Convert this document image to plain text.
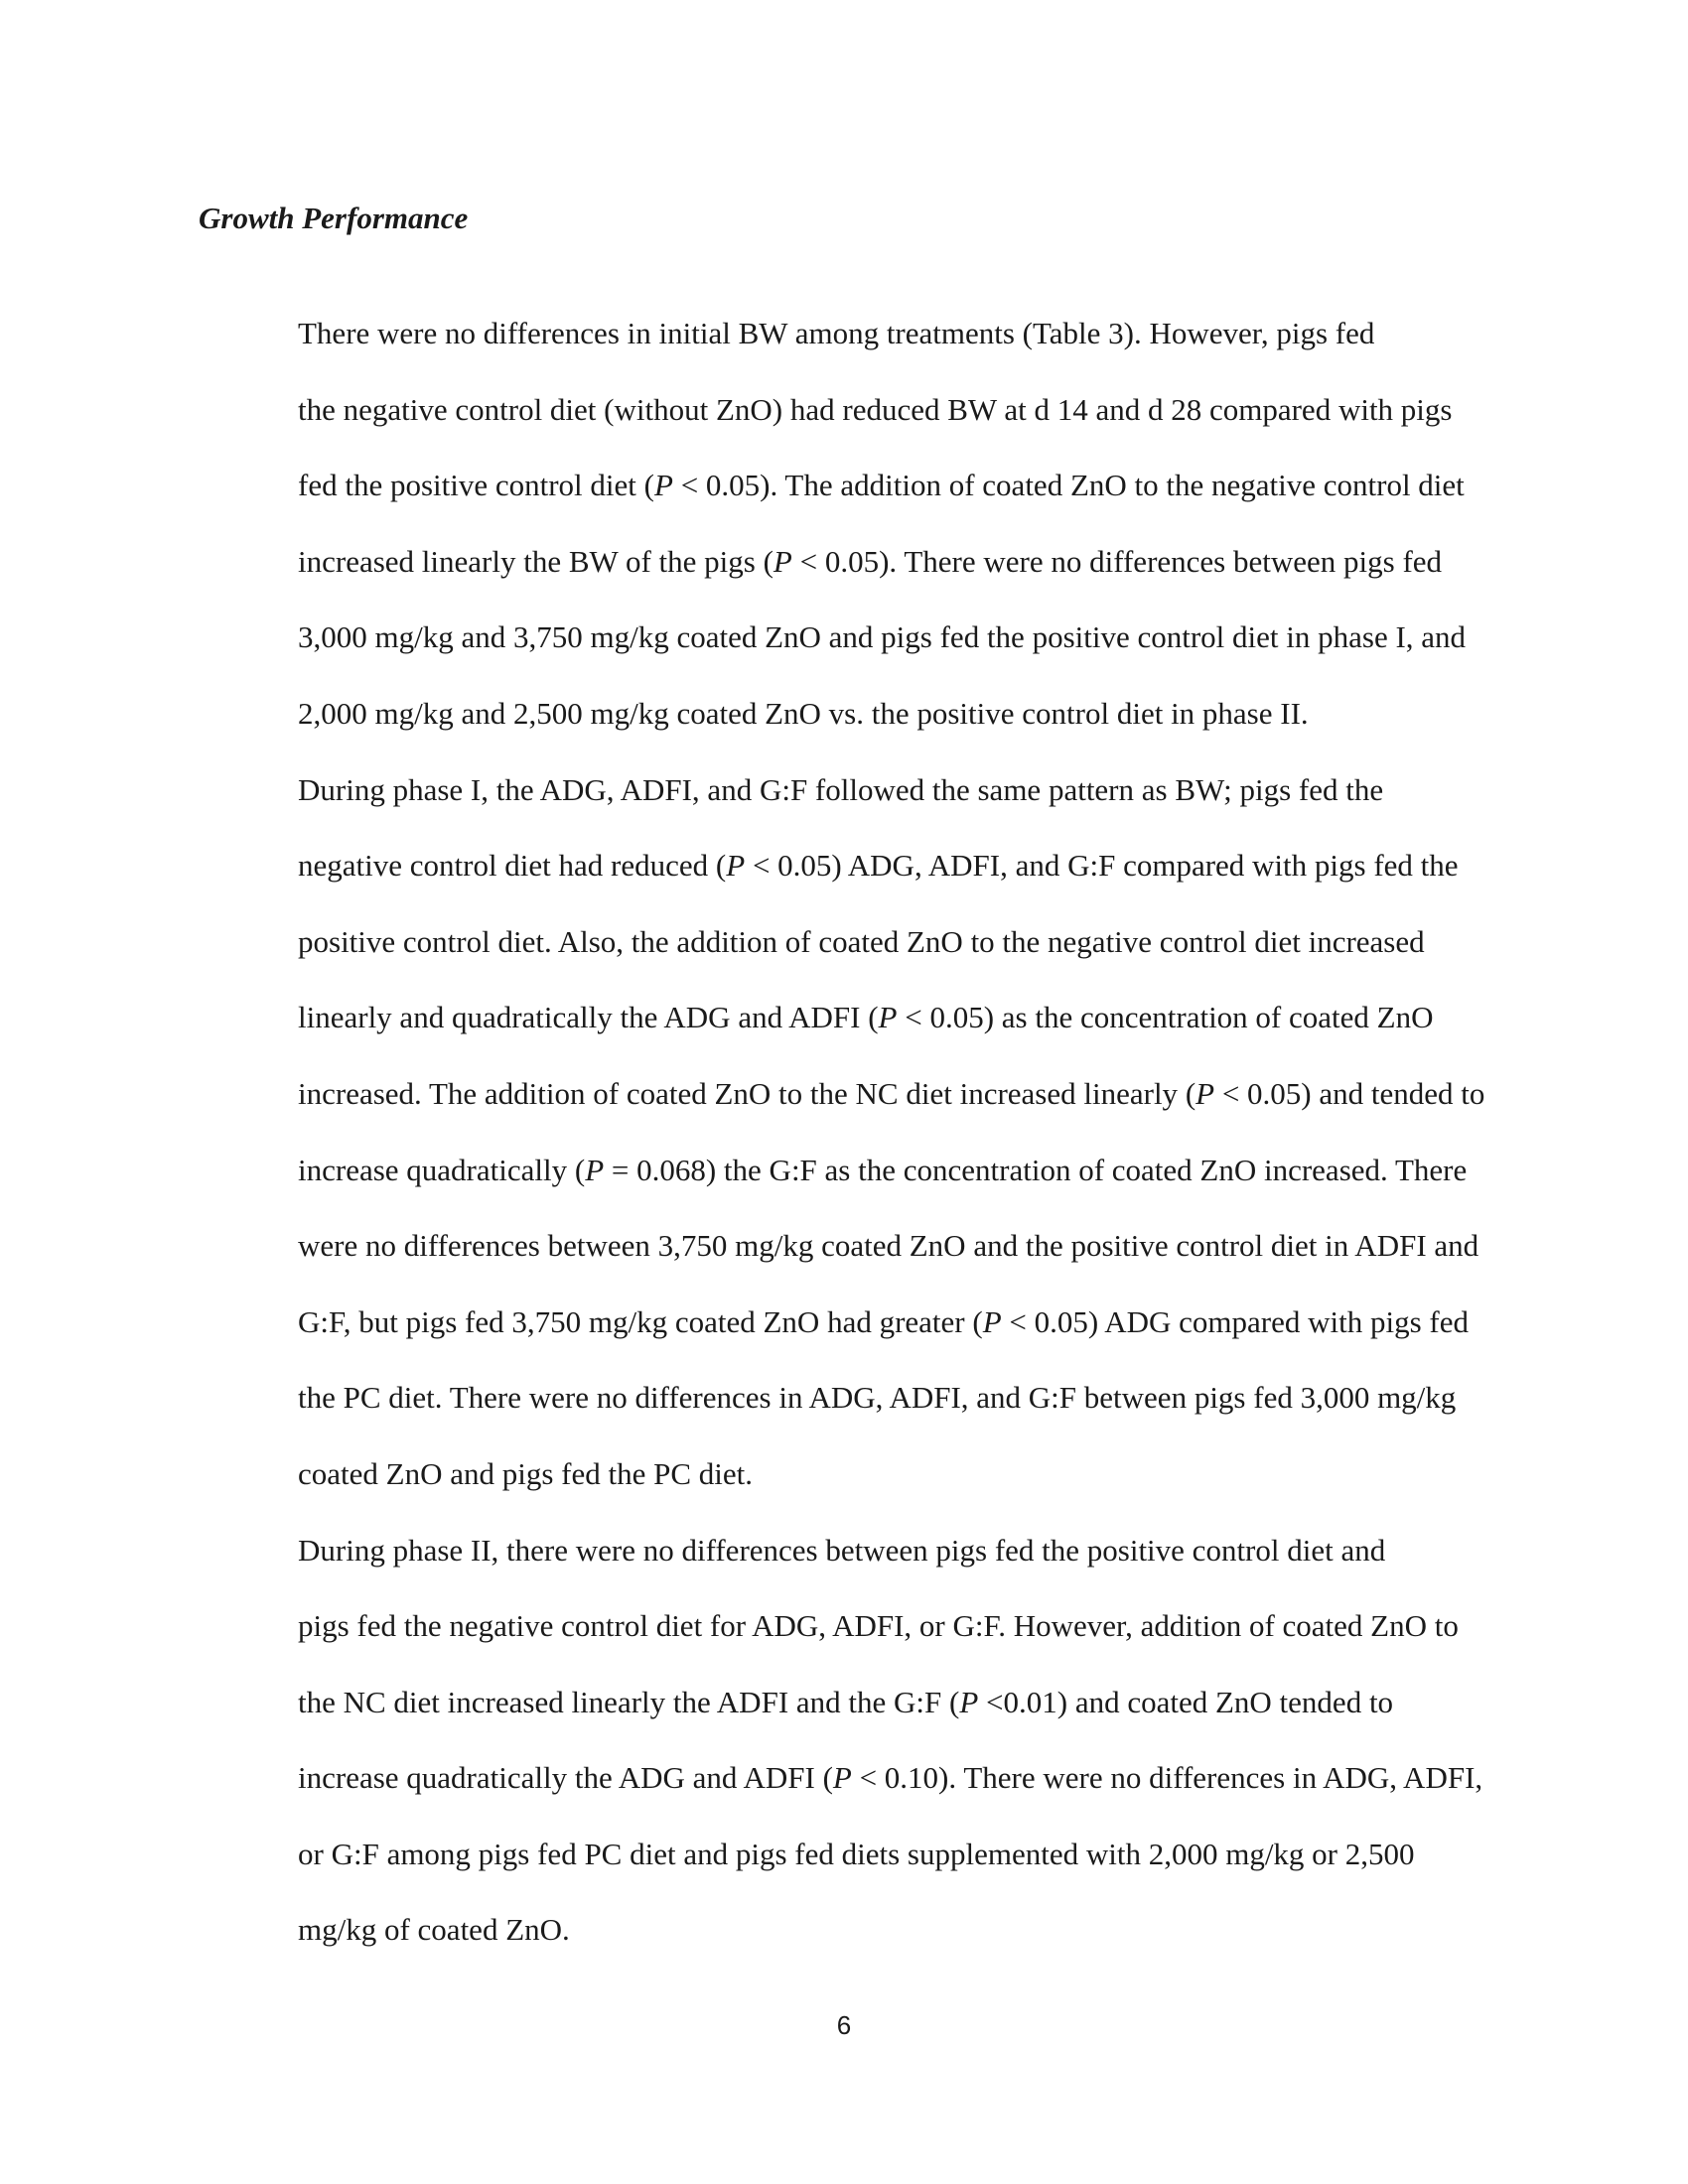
Growth Performance

There were no differences in initial BW among treatments (Table 3). However, pigs fed
the negative control diet (without ZnO) had reduced BW at d 14 and d 28 compared with pigs
fed the positive control diet (P < 0.05). The addition of coated ZnO to the negative control diet
increased linearly the BW of the pigs (P < 0.05). There were no differences between pigs fed
3,000 mg/kg and 3,750 mg/kg coated ZnO and pigs fed the positive control diet in phase I, and
2,000 mg/kg and 2,500 mg/kg coated ZnO vs. the positive control diet in phase II.

During phase I, the ADG, ADFI, and G:F followed the same pattern as BW; pigs fed the
negative control diet had reduced (P < 0.05) ADG, ADFI, and G:F compared with pigs fed the
positive control diet. Also, the addition of coated ZnO to the negative control diet increased
linearly and quadratically the ADG and ADFI (P < 0.05) as the concentration of coated ZnO
increased. The addition of coated ZnO to the NC diet increased linearly (P < 0.05) and tended to
increase quadratically (P = 0.068) the G:F as the concentration of coated ZnO increased. There
were no differences between 3,750 mg/kg coated ZnO and the positive control diet in ADFI and
G:F, but pigs fed 3,750 mg/kg coated ZnO had greater (P < 0.05) ADG compared with pigs fed
the PC diet. There were no differences in ADG, ADFI, and G:F between pigs fed 3,000 mg/kg
coated ZnO and pigs fed the PC diet.

During phase II, there were no differences between pigs fed the positive control diet and
pigs fed the negative control diet for ADG, ADFI, or G:F. However, addition of coated ZnO to
the NC diet increased linearly the ADFI and the G:F (P <0.01) and coated ZnO tended to
increase quadratically the ADG and ADFI (P < 0.10). There were no differences in ADG, ADFI,
or G:F among pigs fed PC diet and pigs fed diets supplemented with 2,000 mg/kg or 2,500
mg/kg of coated ZnO.

6
